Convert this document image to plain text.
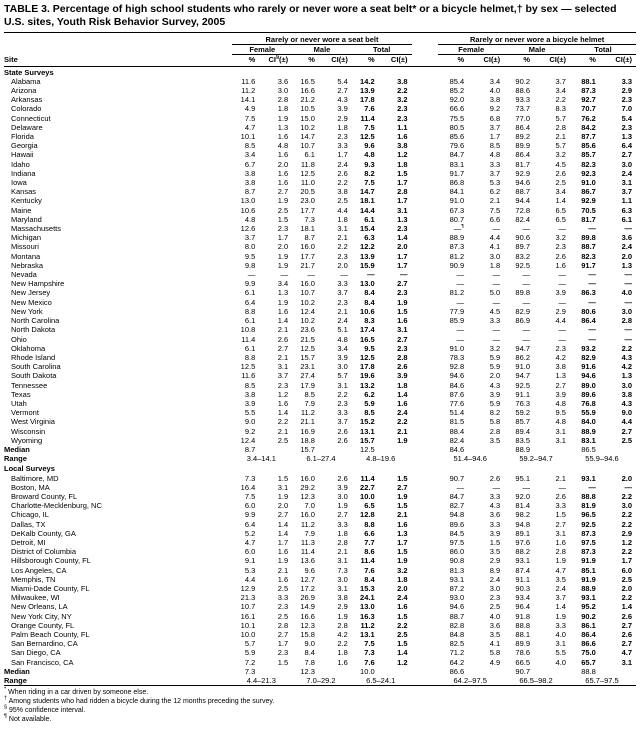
TABLE 3. Percentage of high school students who rarely or never wore a seat belt* or a bicycle helmet,† by sex — selected U.S. sites, Youth Risk Behavior Survey, 2005
Site	Rarely or never wore a seat belt							Rarely or never wore a bicycle helmet					
	Female		Male		Total			Female		Male		Total	
	%	CI§(±)	%	CI(±)	%	CI(±)		%	CI(±)	%	CI(±)	%	CI(±)
State Surveys													
Alabama	11.6	3.6	16.5	5.4	14.2	3.8		85.4	3.4	90.2	3.7	88.1	3.3
Arizona	11.2	3.0	16.6	2.7	13.9	2.2		85.2	4.0	88.6	3.4	87.3	2.9
Arkansas	14.1	2.8	21.2	4.3	17.8	3.2		92.0	3.8	93.3	2.2	92.7	2.3
Colorado	4.9	1.8	10.5	3.9	7.6	2.3		66.6	9.2	73.7	8.3	70.7	7.0
Connecticut	7.5	1.9	15.0	2.9	11.4	2.3		75.5	6.8	77.0	5.7	76.2	5.4
Delaware	4.7	1.3	10.2	1.8	7.5	1.1		80.5	3.7	86.4	2.8	84.2	2.3
Florida	10.1	1.6	14.7	2.3	12.5	1.6		85.6	1.7	89.2	2.1	87.7	1.3
Georgia	8.5	4.8	10.7	3.3	9.6	3.8		79.6	8.5	89.9	5.7	85.6	6.4
Hawaii	3.4	1.6	6.1	1.7	4.8	1.2		84.7	4.8	86.4	3.2	85.7	2.7
Idaho	6.7	2.0	11.8	2.4	9.3	1.8		83.1	3.3	81.7	4.5	82.3	3.0
Indiana	3.8	1.6	12.5	2.6	8.2	1.5		91.7	3.7	92.9	2.6	92.3	2.4
Iowa	3.8	1.6	11.0	2.2	7.5	1.7		86.8	5.3	94.6	2.5	91.0	3.1
Kansas	8.7	2.7	20.5	3.8	14.7	2.8		84.1	6.2	88.7	3.4	86.7	3.7
Kentucky	13.0	1.9	23.0	2.5	18.1	1.7		91.0	2.1	94.4	1.4	92.9	1.1
Maine	10.6	2.5	17.7	4.4	14.4	3.1		67.3	7.5	72.8	6.5	70.5	6.3
Maryland	4.8	1.5	7.3	1.8	6.1	1.3		80.7	6.6	82.4	6.5	81.7	6.1
Massachusetts	12.6	2.3	18.1	3.1	15.4	2.3		—¶	—	—	—	—	—
Michigan	3.7	1.7	8.7	2.1	6.3	1.4		88.9	4.4	90.6	3.2	89.8	3.6
Missouri	8.0	2.0	16.0	2.2	12.2	2.0		87.3	4.1	89.7	2.3	88.7	2.4
Montana	9.5	1.9	17.7	2.3	13.9	1.7		81.2	3.0	83.2	2.6	82.3	2.0
Nebraska	9.8	1.9	21.7	2.0	15.9	1.7		90.9	1.8	92.5	1.6	91.7	1.3
Nevada	—	—	—	—	—	—		—	—	—	—	—	—
New Hampshire	9.9	3.4	16.0	3.3	13.0	2.7		—	—	—	—	—	—
New Jersey	6.1	1.3	10.7	3.7	8.4	2.3		81.2	5.0	89.8	3.9	86.3	4.0
New Mexico	6.4	1.9	10.2	2.3	8.4	1.9		—	—	—	—	—	—
New York	8.8	1.6	12.4	2.1	10.6	1.5		77.9	4.5	82.9	2.9	80.6	3.0
North Carolina	6.1	1.4	10.2	2.4	8.3	1.6		85.9	3.3	86.9	4.4	86.4	2.8
North Dakota	10.8	2.1	23.6	5.1	17.4	3.1		—	—	—	—	—	—
Ohio	11.4	2.6	21.5	4.8	16.5	2.7		—	—	—	—	—	—
Oklahoma	6.1	2.7	12.5	3.4	9.5	2.3		91.0	3.2	94.7	2.3	93.2	2.2
Rhode Island	8.8	2.1	15.7	3.9	12.5	2.8		78.3	5.9	86.2	4.2	82.9	4.3
South Carolina	12.5	3.1	23.1	3.0	17.8	2.6		92.8	5.9	91.0	3.8	91.6	4.2
South Dakota	11.6	3.7	27.4	5.7	19.6	3.9		94.6	2.0	94.7	1.3	94.6	1.3
Tennessee	8.5	2.3	17.9	3.1	13.2	1.8		84.6	4.3	92.5	2.7	89.0	3.0
Texas	3.8	1.2	8.5	2.2	6.2	1.4		87.6	3.9	91.1	3.9	89.6	3.8
Utah	3.9	1.6	7.9	2.3	5.9	1.6		77.6	5.9	76.3	4.8	76.8	4.3
Vermont	5.5	1.4	11.2	3.3	8.5	2.4		51.4	8.2	59.2	9.5	55.9	9.0
West Virginia	9.0	2.2	21.1	3.7	15.2	2.2		81.5	5.8	85.7	4.8	84.0	4.4
Wisconsin	9.2	2.1	16.9	2.6	13.1	2.1		88.4	2.8	89.4	3.1	88.9	2.7
Wyoming	12.4	2.5	18.8	2.6	15.7	1.9		82.4	3.5	83.5	3.1	83.1	2.5
Median	8.7		15.7		12.5			84.6		88.9		86.5	
Range	3.4–14.1		6.1–27.4		4.8–19.6			51.4–94.6		59.2–94.7		55.9–94.6	
Local Surveys													
Baltimore, MD	7.3	1.5	16.0	2.6	11.4	1.5		90.7	2.6	95.1	2.1	93.1	2.0
Boston, MA	16.4	3.1	29.2	3.9	22.7	2.7		—	—	—	—	—	—
Broward County, FL	7.5	1.9	12.3	3.0	10.0	1.9		84.7	3.3	92.0	2.6	88.8	2.2
Charlotte-Mecklenburg, NC	6.0	2.0	7.0	1.9	6.5	1.5		82.7	4.3	81.4	3.3	81.9	3.0
Chicago, IL	9.9	2.7	16.0	2.7	12.8	2.1		94.8	3.6	98.2	1.5	96.5	2.2
Dallas, TX	6.4	1.4	11.2	3.3	8.8	1.6		89.6	3.3	94.8	2.7	92.5	2.2
DeKalb County, GA	5.2	1.4	7.9	1.8	6.6	1.3		84.5	3.9	89.1	3.1	87.3	2.9
Detroit, MI	4.7	1.7	11.3	2.8	7.7	1.7		97.5	1.5	97.6	1.6	97.5	1.2
District of Columbia	6.0	1.6	11.4	2.1	8.6	1.5		86.0	3.5	88.2	2.8	87.3	2.2
Hillsborough County, FL	9.1	1.9	13.6	3.1	11.4	1.9		90.8	2.9	93.1	1.9	91.9	1.7
Los Angeles, CA	5.3	2.1	9.6	7.3	7.6	3.2		81.3	8.9	87.4	4.7	85.1	6.0
Memphis, TN	4.4	1.6	12.7	3.0	8.4	1.8		93.1	2.4	91.1	3.5	91.9	2.5
Miami-Dade County, FL	12.9	2.5	17.2	3.1	15.3	2.0		87.2	3.0	90.3	2.4	88.9	2.0
Milwaukee, WI	21.3	3.3	26.9	3.8	24.1	2.4		93.0	2.3	93.4	3.7	93.1	2.2
New Orleans, LA	10.7	2.3	14.9	2.9	13.0	1.6		94.6	2.5	96.4	1.4	95.2	1.4
New York City, NY	16.1	2.5	16.6	1.9	16.3	1.5		88.7	4.0	91.8	1.9	90.2	2.6
Orange County, FL	10.1	2.8	12.3	2.8	11.2	2.2		82.8	3.6	88.8	3.3	86.1	2.7
Palm Beach County, FL	10.0	2.7	15.8	4.2	13.1	2.5		84.8	3.5	88.1	4.0	86.4	2.6
San Bernardino, CA	5.7	1.7	9.0	2.2	7.5	1.5		82.5	4.1	89.9	3.1	86.6	2.7
San Diego, CA	5.9	2.3	8.4	1.8	7.3	1.4		71.2	5.8	78.6	5.5	75.0	4.7
San Francisco, CA	7.2	1.5	7.8	1.6	7.6	1.2		64.2	4.9	66.5	4.0	65.7	3.1
Median	7.3		12.3		10.0			86.6		90.7		88.8	
Range	4.4–21.3		7.0–29.2		6.5–24.1			64.2–97.5		66.5–98.2		65.7–97.5	
* When riding in a car driven by someone else.
† Among students who had ridden a bicycle during the 12 months preceding the survey.
§ 95% confidence interval.
¶ Not available.
